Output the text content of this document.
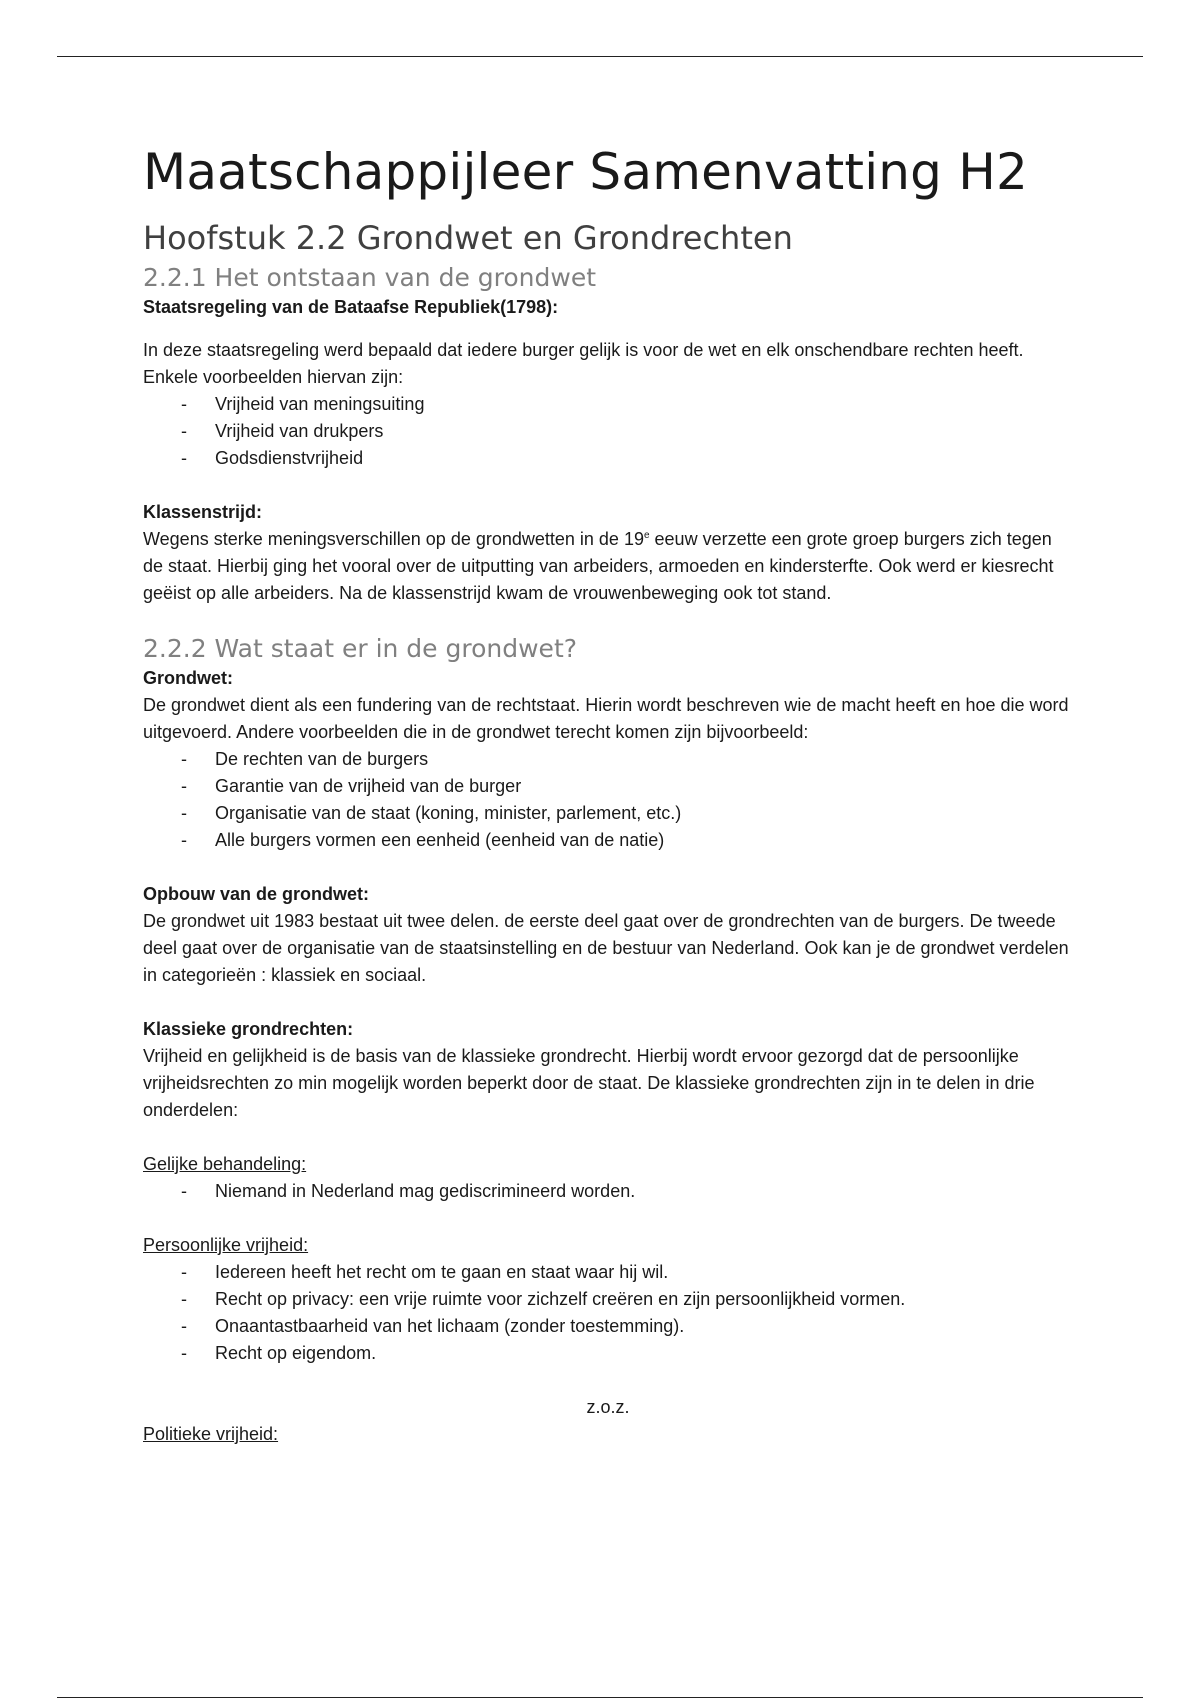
Maatschappijleer Samenvatting H2
Hoofstuk 2.2 Grondwet en Grondrechten
2.2.1 Het ontstaan van de grondwet

Staatsregeling van de Bataafse Republiek(1798):

In deze staatsregeling werd bepaald dat iedere burger gelijk is voor de wet en elk onschendbare rechten heeft.

Enkele voorbeelden hiervan zijn:

- Vrijheid van meningsuiting
- Vrijheid van drukpers
- Godsdienstvrijheid

Klassenstrijd:

Wegens sterke meningsverschillen op de grondwetten in de 19e eeuw verzette een grote groep burgers zich tegen de staat. Hierbij ging het vooral over de uitputting van arbeiders, armoeden en kindersterfte. Ook werd er kiesrecht geëist op alle arbeiders. Na de klassenstrijd kwam de vrouwenbeweging ook tot stand.

2.2.2 Wat staat er in de grondwet?

Grondwet:

De grondwet dient als een fundering van de rechtstaat. Hierin wordt beschreven wie de macht heeft en hoe die word uitgevoerd. Andere voorbeelden die in de grondwet terecht komen zijn bijvoorbeeld:

- De rechten van de burgers
- Garantie van de vrijheid van de burger
- Organisatie van de staat (koning, minister, parlement, etc.)
- Alle burgers vormen een eenheid (eenheid van de natie)

Opbouw van de grondwet:

De grondwet uit 1983 bestaat uit twee delen. de eerste deel gaat over de grondrechten van de burgers. De tweede deel gaat over de organisatie van de staatsinstelling en de bestuur van Nederland. Ook kan je de grondwet verdelen in categorieën : klassiek en sociaal.

Klassieke grondrechten:

Vrijheid en gelijkheid is de basis van de klassieke grondrecht. Hierbij wordt ervoor gezorgd dat de persoonlijke vrijheidsrechten zo min mogelijk worden beperkt door de staat. De klassieke grondrechten zijn in te delen in drie onderdelen:

Gelijke behandeling:

- Niemand in Nederland mag gediscrimineerd worden.

Persoonlijke vrijheid:

- Iedereen heeft het recht om te gaan en staat waar hij wil.
- Recht op privacy: een vrije ruimte voor zichzelf creëren en zijn persoonlijkheid vormen.
- Onaantastbaarheid van het lichaam (zonder toestemming).
- Recht op eigendom.

z.o.z.

Politieke vrijheid:
